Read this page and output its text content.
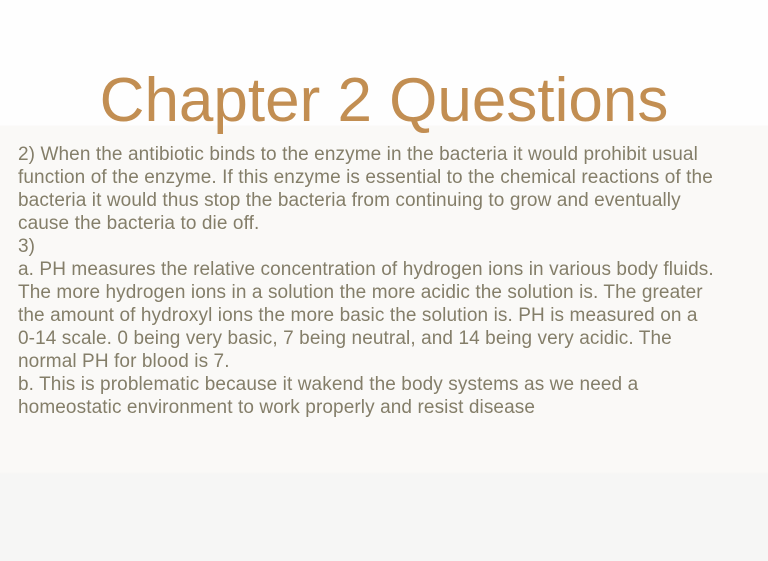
Chapter 2 Questions
2) When the antibiotic binds to the enzyme in the bacteria it would prohibit usual
function of the enzyme. If this enzyme is essential to the chemical reactions of the
bacteria it would thus stop the bacteria from continuing to grow and eventually
cause the bacteria to die off.
3)
a. PH measures the relative concentration of hydrogen ions in various body fluids.
The more hydrogen ions in a solution the more acidic the solution is. The greater
the amount of hydroxyl ions the more basic the solution is. PH is measured on a
0-14 scale. 0 being very basic, 7 being neutral, and 14 being very acidic. The
normal PH for blood is 7.
b. This is problematic because it wakend the body systems as we need a
homeostatic environment to work properly and resist disease
